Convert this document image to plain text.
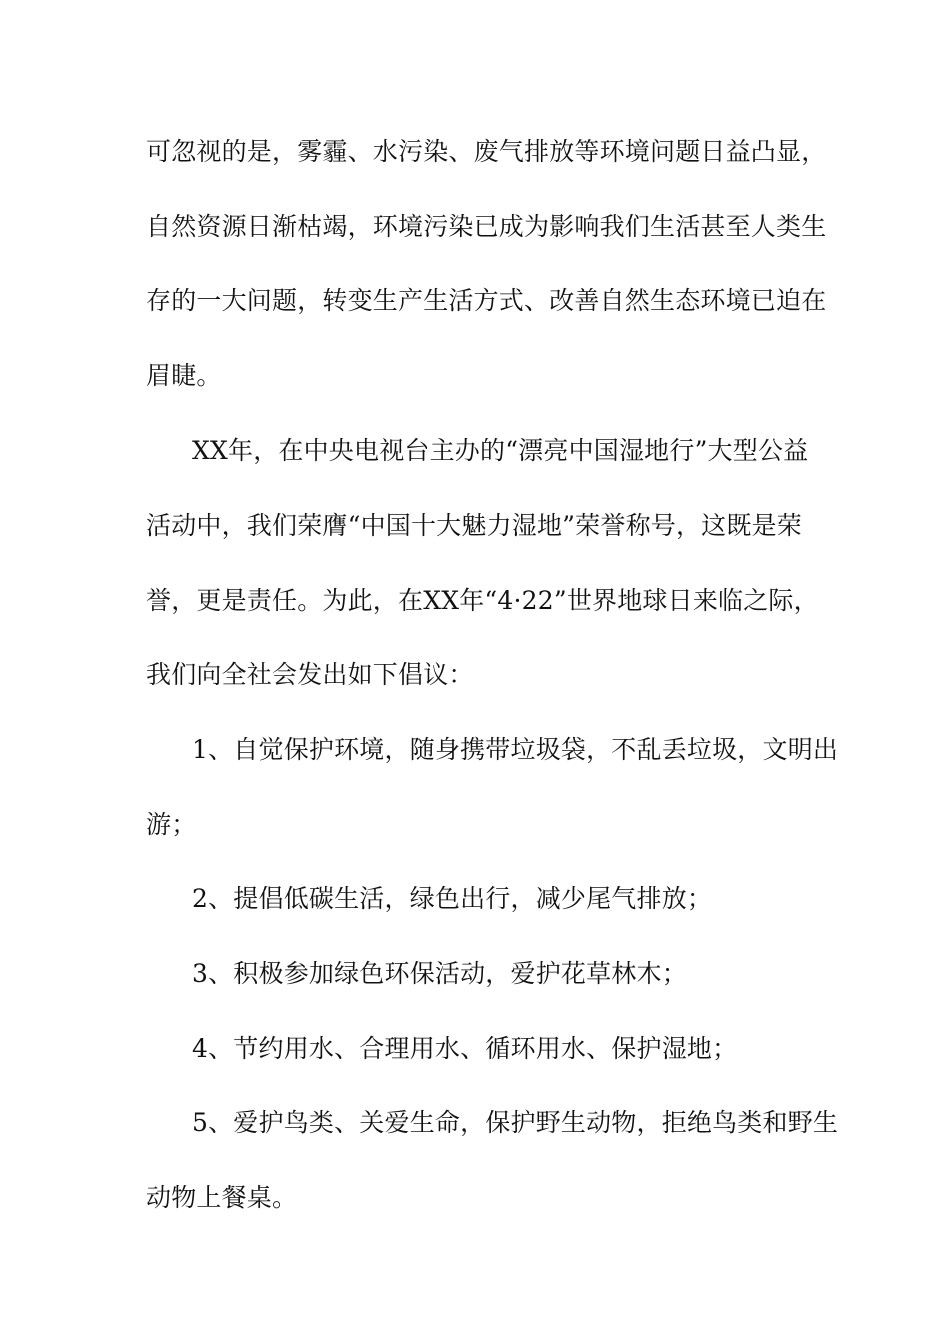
可忽视的是，雾霾、水污染、废气排放等环境问题日益凸显，
自然资源日渐枯竭，环境污染已成为影响我们生活甚至人类生
存的一大问题，转变生产生活方式、改善自然生态环境已迫在
眉睫。
XX年，在中央电视台主办的“漂亮中国湿地行”大型公益
活动中，我们荣膺“中国十大魅力湿地”荣誉称号，这既是荣
誉，更是责任。为此，在XX年“4·22”世界地球日来临之际，
我们向全社会发出如下倡议：
1、自觉保护环境，随身携带垃圾袋，不乱丢垃圾，文明出
游；
2、提倡低碳生活，绿色出行，减少尾气排放；
3、积极参加绿色环保活动，爱护花草林木；
4、节约用水、合理用水、循环用水、保护湿地；
5、爱护鸟类、关爱生命，保护野生动物，拒绝鸟类和野生
动物上餐桌。
